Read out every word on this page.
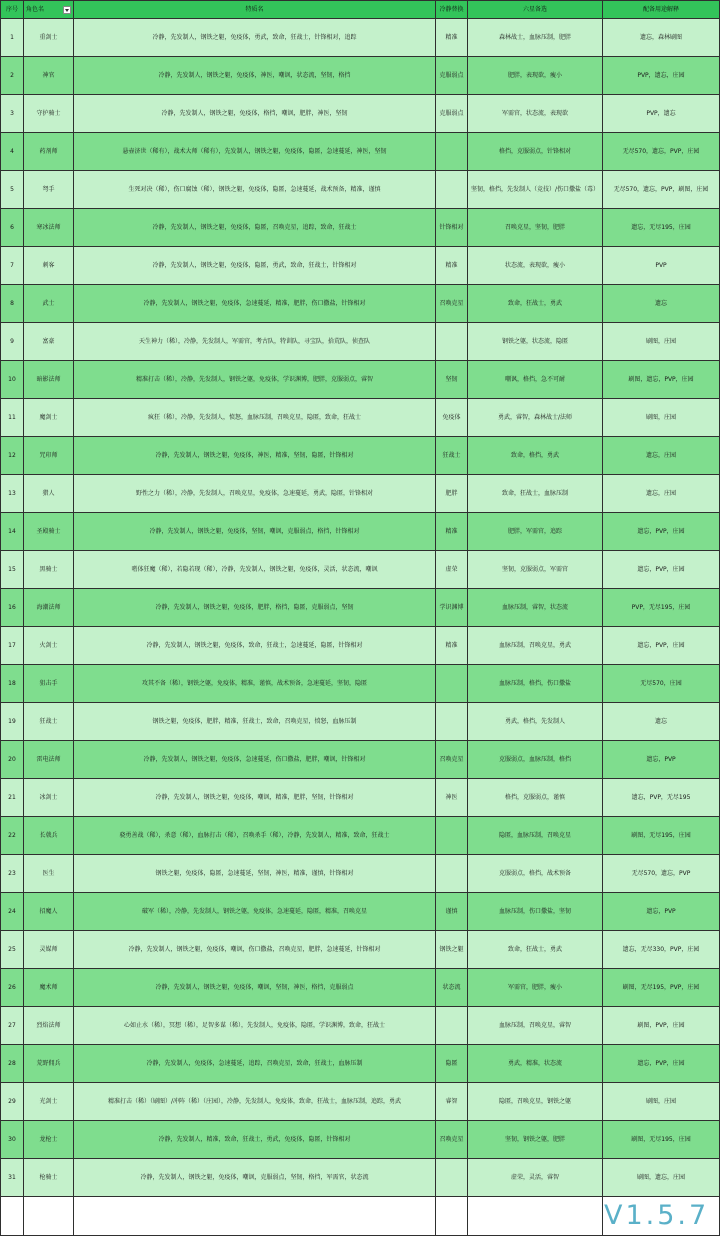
序号	角色名	特质名	冷静替换	六星备选	配备用途解释
1	重剑士	冷静，先发制人，钢铁之躯，免疫体，勇武，致命，狂战士，针锋相对，追踪	精准	森林战士，血脉压制，肥胖	遗忘，森林刷图
2	神官	冷静，先发制人，钢铁之躯，免疫体，神医，嘲讽，状态流，坚韧，格挡	克服弱点	肥胖，表现欲，瘦小	PVP，遗忘，庄园
3	守护骑士	冷静，先发制人，钢铁之躯，免疫体，格挡，嘲讽，肥胖，神医，坚韧	克服弱点	军需官，状态流，表现欲	PVP，遗忘
4	药剂师	悬壶济世（稀有），战术大师（稀有），先发制人，钢铁之躯，免疫体，隐匿，急速蔓延，神医，坚韧		格挡，克服弱点，针锋相对	无尽570，遗忘，PVP，庄园
5	弩手	生死对决（稀），伤口腐蚀（稀），钢铁之躯，免疫体，隐匿，急速蔓延，战术预备，精准，谨慎		坚韧，格挡，先发制人（竞技）/伤口撒盐（毒）	无尽570，遗忘，PVP，刷图，庄园
6	寒冰法师	冷静，先发制人，钢铁之躯，免疫体，隐匿，召唤克星，追踪，致命，狂战士	针锋相对	召唤克星，坚韧，肥胖	遗忘，无尽195，庄园
7	刺客	冷静，先发制人，钢铁之躯，免疫体，隐匿，勇武，致命，狂战士，针锋相对	精准	状态流，表现欲，瘦小	PVP
8	武士	冷静，先发制人，钢铁之躯，免疫体，急速蔓延，精准，肥胖，伤口撒盐，针锋相对	召唤克星	致命，狂战士，勇武	遗忘
9	富豪	天生神力（稀），冷静，先发制人，军需官，考古队，特训队，寻宝队，拾荒队，侦查队		钢铁之躯，状态流，隐匿	刷图，庄园
10	暗影法师	精准打击（稀），冷静，先发制人，钢铁之躯，免疫体，学识渊博，肥胖，克服弱点，睿智	坚韧	嘲讽，格挡，急不可耐	刷图，遗忘，PVP，庄园
11	魔剑士	疯狂（稀），冷静，先发制人，愤怒，血脉压制，召唤克星，隐匿，致命，狂战士	免疫体	勇武，睿智，森林战士/法师	刷图，庄园
12	咒印师	冷静，先发制人，钢铁之躯，免疫体，神医，精准，坚韧，隐匿，针锋相对	狂战士	致命，格挡，勇武	遗忘，庄园
13	猎人	野性之力（稀），冷静，先发制人，召唤克星，免疫体，急速蔓延，勇武，隐匿，针锋相对	肥胖	致命，狂战士，血脉压制	遗忘，庄园
14	圣殿骑士	冷静，先发制人，钢铁之躯，免疫体，坚韧，嘲讽，克服弱点，格挡，针锋相对	精准	肥胖，军需官，追踪	遗忘，PVP，庄园
15	黑骑士	嗜体狂魔（稀），若隐若现（稀），冷静，先发制人，钢铁之躯，免疫体，灵活，状态流，嘲讽	虚荣	坚韧，克服弱点，军需官	遗忘，PVP，庄园
16	海潮法师	冷静，先发制人，钢铁之躯，免疫体，肥胖，格挡，隐匿，克服弱点，坚韧	学识渊博	血脉压制，睿智，状态流	PVP，无尽195，庄园
17	火剑士	冷静，先发制人，钢铁之躯，免疫体，致命，狂战士，急速蔓延，隐匿，针锋相对	精准	血脉压制，召唤克星，勇武	遗忘，PVP，庄园
18	狙击手	攻其不备（稀），钢铁之躯，免疫体，精准，谨慎，战术预备，急速蔓延，坚韧，隐匿		血脉压制，格挡，伤口撒盐	无尽570，庄园
19	狂战士	钢铁之躯，免疫体，肥胖，精准，狂战士，致命，召唤克星，愤怒，血脉压制		勇武，格挡，先发制人	遗忘
20	雷电法师	冷静，先发制人，钢铁之躯，免疫体，急速蔓延，伤口撒盐，肥胖，嘲讽，针锋相对	召唤克星	克服弱点，血脉压制，格挡	遗忘，PVP
21	冰剑士	冷静，先发制人，钢铁之躯，免疫体，嘲讽，精准，肥胖，坚韧，针锋相对	神医	格挡，克服弱点，谨慎	遗忘，PVP，无尽195
22	长戟兵	骁勇善战（稀），杀意（稀），血脉打击（稀），召唤杀手（稀），冷静，先发制人，精准，致命，狂战士		隐匿，血脉压制，召唤克星	刷图，无尽195，庄园
23	医生	钢铁之躯，免疫体，隐匿，急速蔓延，坚韧，神医，精准，谨慎，针锋相对		克服弱点，格挡，战术预备	无尽570，遗忘，PVP
24	招魔人	破军（稀），冷静，先发制人，钢铁之躯，免疫体，急速蔓延，隐匿，精准，召唤克星	谨慎	血脉压制，伤口撒盐，坚韧	遗忘，PVP
25	灵媒师	冷静，先发制人，钢铁之躯，免疫体，嘲讽，伤口撒盐，召唤克星，肥胖，急速蔓延，针锋相对	钢铁之躯	致命，狂战士，勇武	遗忘，无尽330，PVP，庄园
26	魔术师	冷静，先发制人，钢铁之躯，免疫体，嘲讽，坚韧，神医，格挡，克服弱点	状态流	军需官，肥胖，瘦小	刷图，无尽195，PVP，庄园
27	烈焰法师	心如止水（稀），冥想（稀），足智多谋（稀），先发制人，免疫体，隐匿，学识渊博，致命，狂战士		血脉压制，召唤克星，睿智	刷图，PVP，庄园
28	荒野佣兵	冷静，先发制人，免疫体，急速蔓延，追踪，召唤克星，致命，狂战士，血脉压制	隐匿	勇武，精准，状态流	遗忘，PVP，庄园
29	光剑士	精准打击（稀）（刷图）/冲阵（稀）（庄园），冷静，先发制人，免疫体，致命，狂战士，血脉压制，追踪，勇武	睿智	隐匿，召唤克星，钢铁之躯	刷图，庄园
30	龙枪士	冷静，先发制人，精准，致命，狂战士，勇武，免疫体，隐匿，针锋相对	召唤克星	坚韧，钢铁之躯，肥胖	刷图，无尽195，庄园
31	枪骑士	冷静，先发制人，钢铁之躯，免疫体，嘲讽，克服弱点，坚韧，格挡，军需官，状态流		虚荣，灵活，睿智	刷图，遗忘，庄园
					V1.5.7
